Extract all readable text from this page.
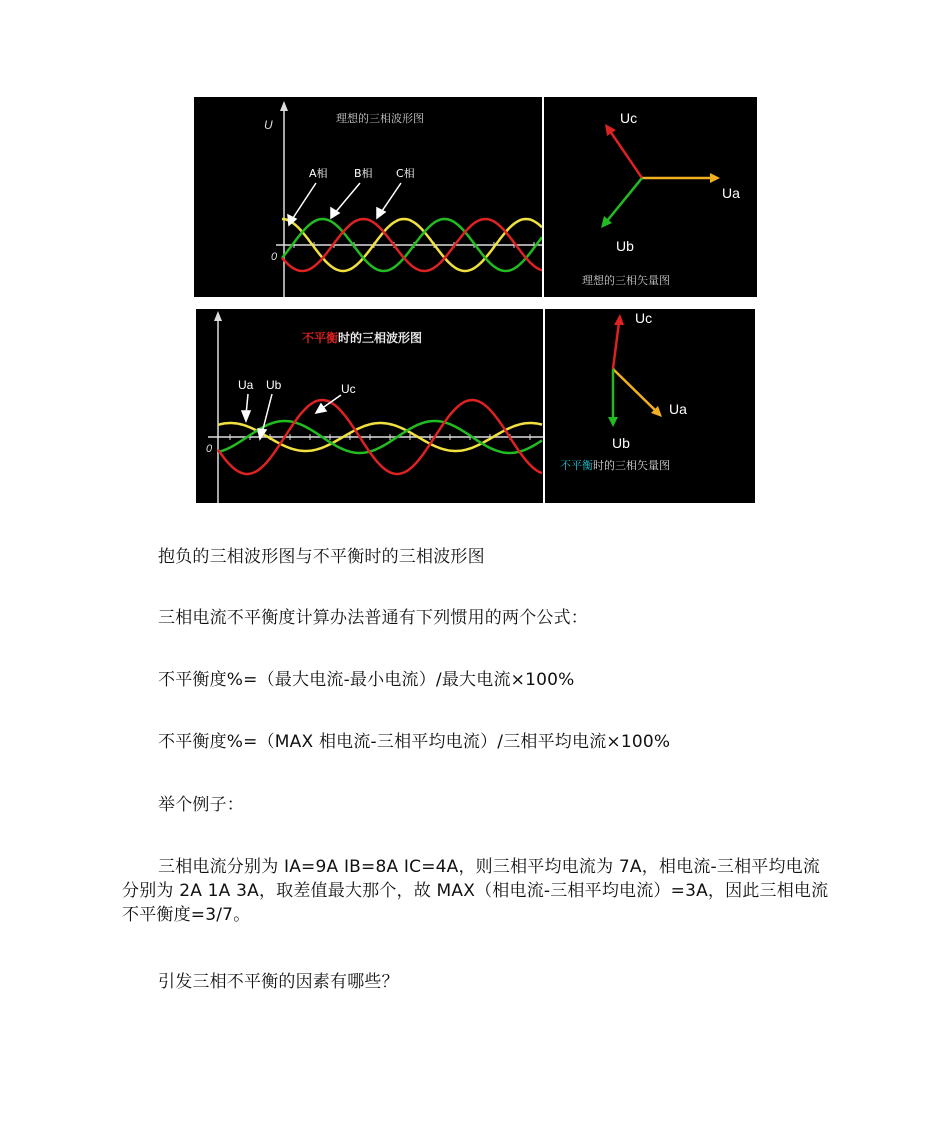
U
0
理想的三相波形图
A相 B相 C相
Uc
Ua
Ub
理想的三相矢量图
0
不平衡时的三相波形图
Ua Ub	Uc
Uc
Ua
Ub
不平衡时的三相矢量图
抱负的三相波形图与不平衡时的三相波形图
三相电流不平衡度计算办法普通有下列惯用的两个公式：
不平衡度%=（最大电流-最小电流）/最大电流×100%
不平衡度%=（MAX 相电流-三相平均电流）/三相平均电流×100%
举个例子：
三相电流分别为 IA=9A IB=8A IC=4A，则三相平均电流为 7A，相电流-三相平均电流分别为 2A 1A 3A，取差值最大那个，故 MAX（相电流-三相平均电流）=3A，因此三相电流不平衡度=3/7。
引发三相不平衡的因素有哪些？
